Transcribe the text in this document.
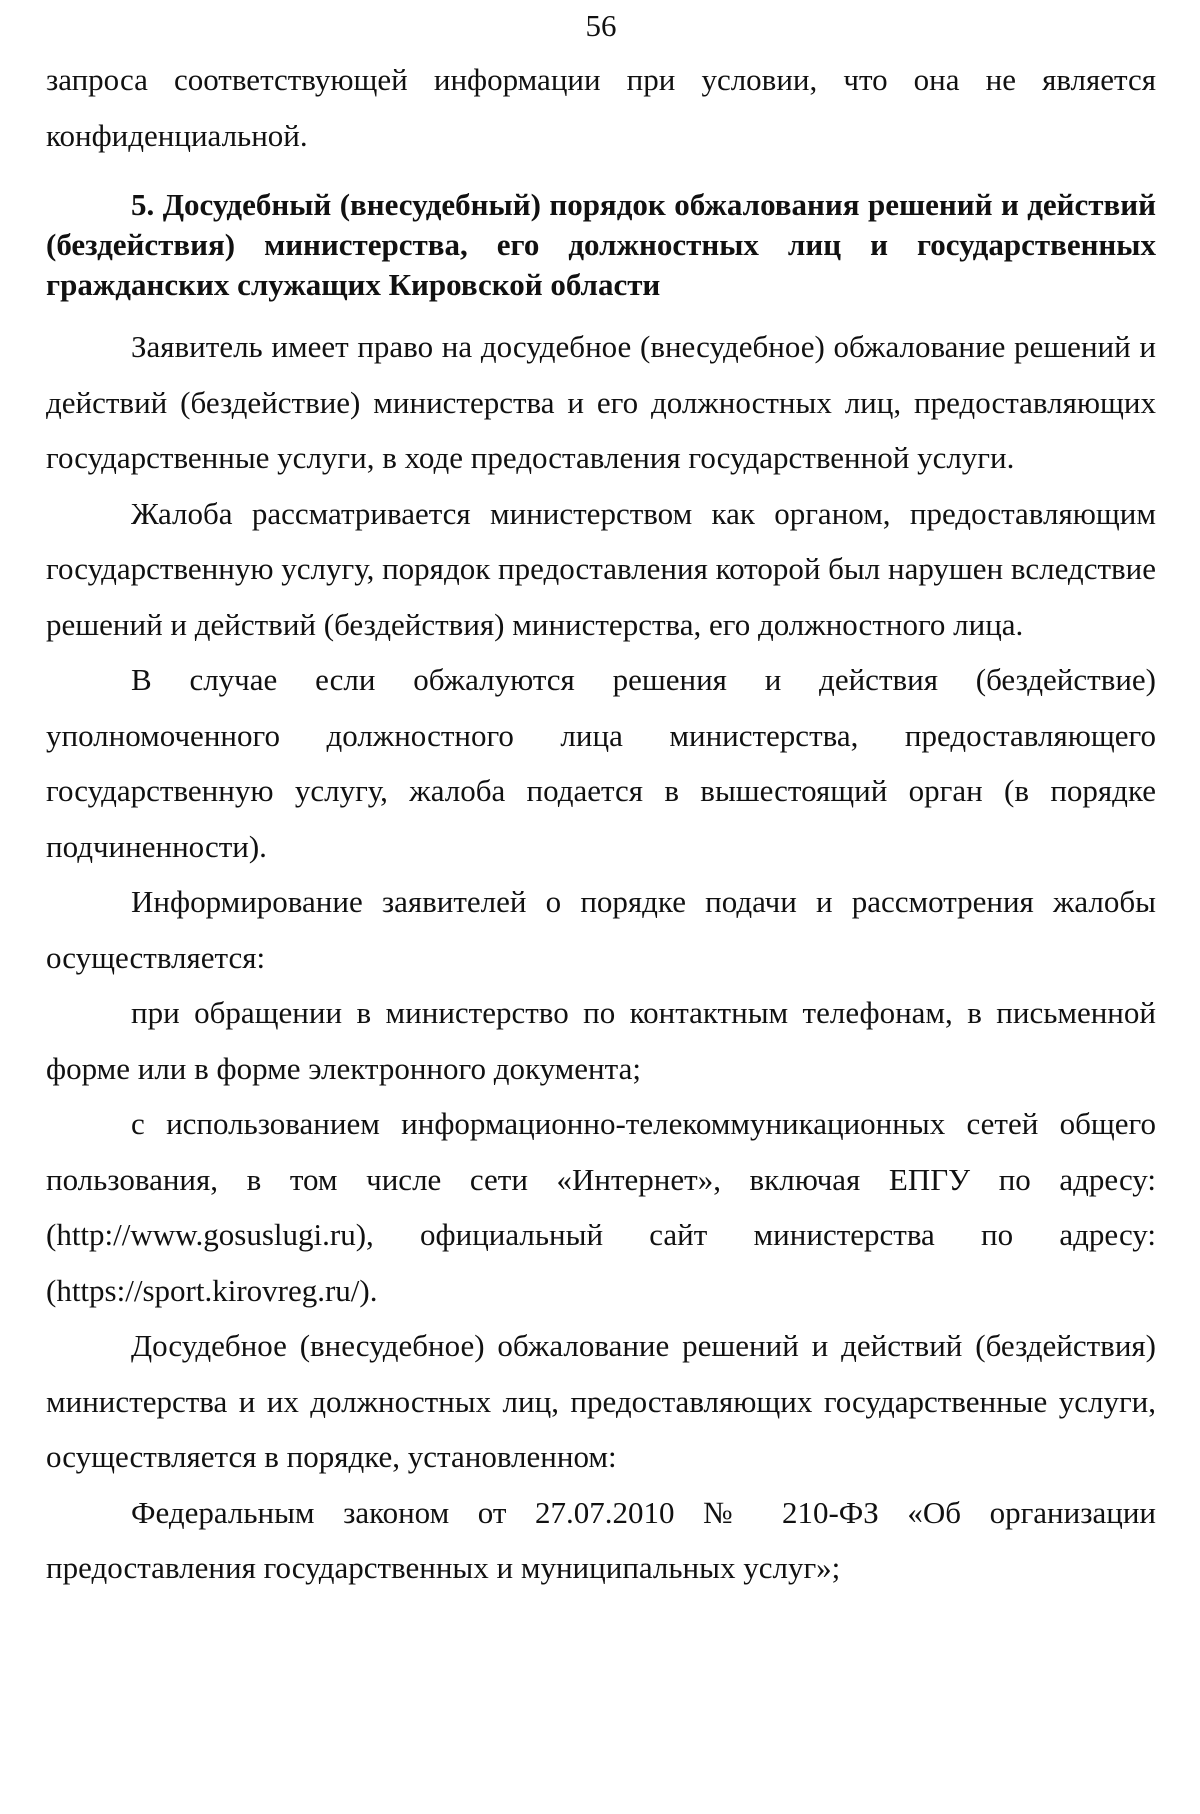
56

запроса соответствующей информации при условии, что она не является конфиденциальной.

5. Досудебный (внесудебный) порядок обжалования решений и действий (бездействия) министерства, его должностных лиц и государственных гражданских служащих Кировской области

Заявитель имеет право на досудебное (внесудебное) обжалование решений и действий (бездействие) министерства и его должностных лиц, предоставляющих государственные услуги, в ходе предоставления государственной услуги.

Жалоба рассматривается министерством как органом, предоставляющим государственную услугу, порядок предоставления которой был нарушен вследствие решений и действий (бездействия) министерства, его должностного лица.

В случае если обжалуются решения и действия (бездействие) уполномоченного должностного лица министерства, предоставляющего государственную услугу, жалоба подается в вышестоящий орган (в порядке подчиненности).

Информирование заявителей о порядке подачи и рассмотрения жалобы осуществляется:

при обращении в министерство по контактным телефонам, в письменной форме или в форме электронного документа;

с использованием информационно-телекоммуникационных сетей общего пользования, в том числе сети «Интернет», включая ЕПГУ по адресу: (http://www.gosuslugi.ru), официальный сайт министерства по адресу: (https://sport.kirovreg.ru/).

Досудебное (внесудебное) обжалование решений и действий (бездействия) министерства и их должностных лиц, предоставляющих государственные услуги, осуществляется в порядке, установленном:

Федеральным законом от 27.07.2010 № 210-ФЗ «Об организации предоставления государственных и муниципальных услуг»;
